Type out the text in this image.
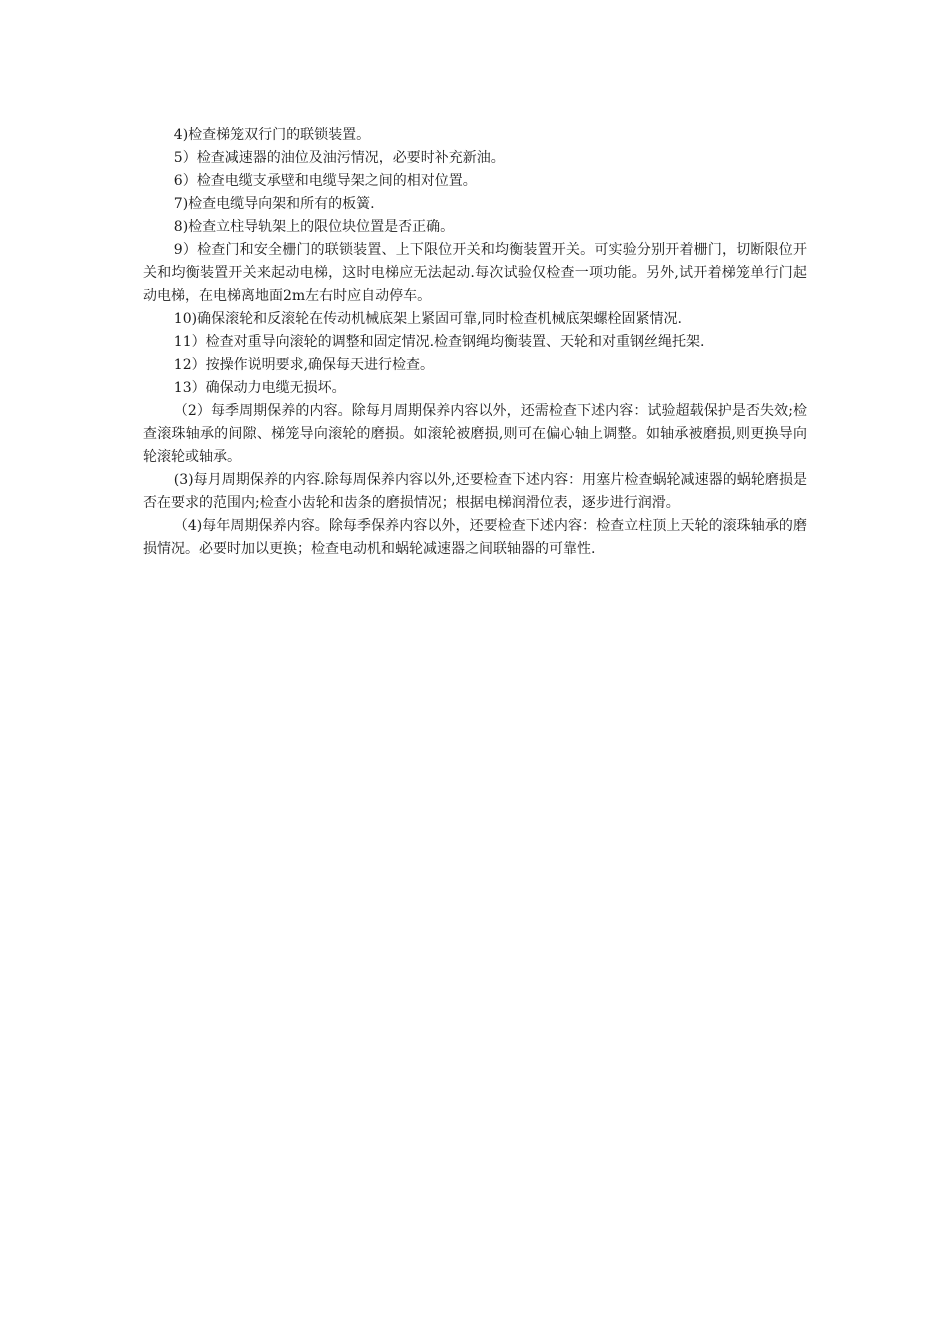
4)检查梯笼双行门的联锁装置。

5）检查减速器的油位及油污情况，必要时补充新油。

6）检查电缆支承壁和电缆导架之间的相对位置。

7)检查电缆导向架和所有的板簧.

8)检查立柱导轨架上的限位块位置是否正确。

9）检查门和安全栅门的联锁装置、上下限位开关和均衡装置开关。可实验分别开着栅门，切断限位开关和均衡装置开关来起动电梯，这时电梯应无法起动.每次试验仅检查一项功能。另外,试开着梯笼单行门起动电梯，在电梯离地面2m左右时应自动停车。

10)确保滚轮和反滚轮在传动机械底架上紧固可靠,同时检查机械底架螺栓固紧情况.

11）检查对重导向滚轮的调整和固定情况.检查钢绳均衡装置、天轮和对重钢丝绳托架.

12）按操作说明要求,确保每天进行检查。

13）确保动力电缆无损坏。

（2）每季周期保养的内容。除每月周期保养内容以外，还需检查下述内容：试验超载保护是否失效;检查滚珠轴承的间隙、梯笼导向滚轮的磨损。如滚轮被磨损,则可在偏心轴上调整。如轴承被磨损,则更换导向轮滚轮或轴承。

(3)每月周期保养的内容.除每周保养内容以外,还要检查下述内容：用塞片检查蜗轮减速器的蜗轮磨损是否在要求的范围内;检查小齿轮和齿条的磨损情况；根据电梯润滑位表，逐步进行润滑。

（4)每年周期保养内容。除每季保养内容以外，还要检查下述内容：检查立柱顶上天轮的滚珠轴承的磨损情况。必要时加以更换；检查电动机和蜗轮减速器之间联轴器的可靠性.
